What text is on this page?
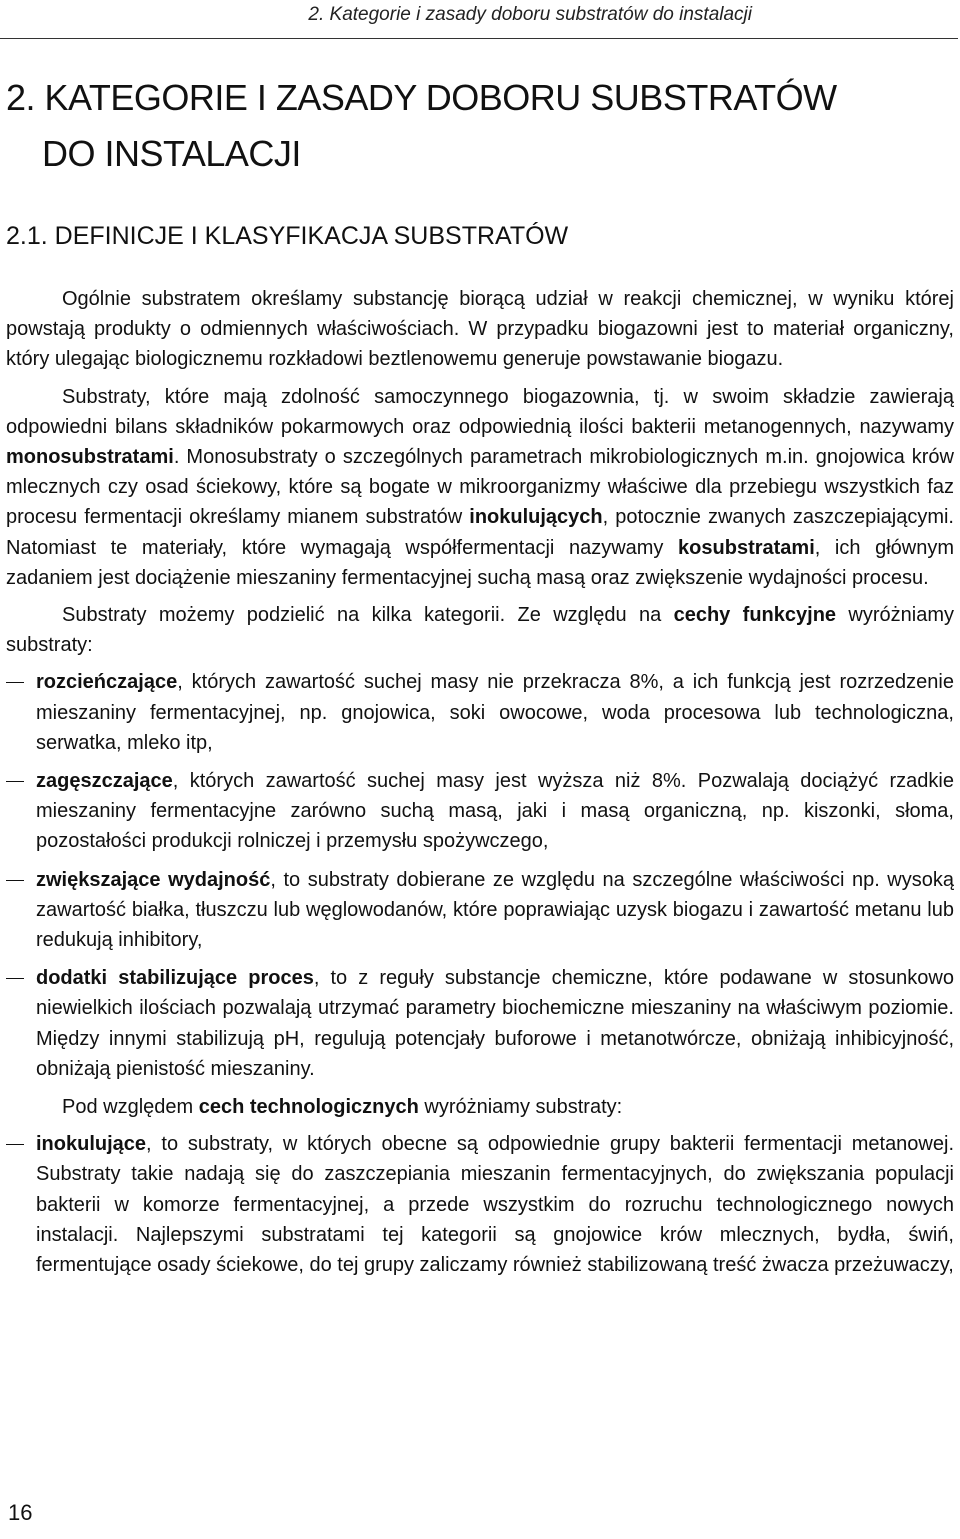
2. Kategorie i zasady doboru substratów do instalacji
2. KATEGORIE I ZASADY DOBORU SUBSTRATÓW
DO INSTALACJI
2.1. DEFINICJE I KLASYFIKACJA SUBSTRATÓW

Ogólnie substratem określamy substancję biorącą udział w reakcji chemicznej, w wyniku której powstają produkty o odmiennych właściwościach. W przypadku biogazowni jest to materiał organiczny, który ulegając biologicznemu rozkładowi beztlenowemu generuje powstawanie biogazu.

Substraty, które mają zdolność samoczynnego biogazownia, tj. w swoim składzie zawierają odpowiedni bilans składników pokarmowych oraz odpowiednią ilości bakterii metanogennych, nazywamy monosubstratami. Monosubstraty o szczególnych parametrach mikrobiologicznych m.in. gnojowica krów mlecznych czy osad ściekowy, które są bogate w mikroorganizmy właściwe dla przebiegu wszystkich faz procesu fermentacji określamy mianem substratów inokulujących, potocznie zwanych zaszczepiającymi. Natomiast te materiały, które wymagają współfermentacji nazywamy kosubstratami, ich głównym zadaniem jest dociążenie mieszaniny fermentacyjnej suchą masą oraz zwiększenie wydajności procesu.

Substraty możemy podzielić na kilka kategorii. Ze względu na cechy funkcyjne wyróżniamy substraty:

rozcieńczające, których zawartość suchej masy nie przekracza 8%, a ich funkcją jest rozrzedzenie mieszaniny fermentacyjnej, np. gnojowica, soki owocowe, woda procesowa lub technologiczna, serwatka, mleko itp,
zagęszczające, których zawartość suchej masy jest wyższa niż 8%. Pozwalają dociążyć rzadkie mieszaniny fermentacyjne zarówno suchą masą, jaki i masą organiczną, np. kiszonki, słoma, pozostałości produkcji rolniczej i przemysłu spożywczego,
zwiększające wydajność, to substraty dobierane ze względu na szczególne właściwości np. wysoką zawartość białka, tłuszczu lub węglowodanów, które poprawiając uzysk biogazu i zawartość metanu lub redukują inhibitory,
dodatki stabilizujące proces, to z reguły substancje chemiczne, które podawane w stosunkowo niewielkich ilościach pozwalają utrzymać parametry biochemiczne mieszaniny na właściwym poziomie. Między innymi stabilizują pH, regulują potencjały buforowe i metanotwórcze, obniżają inhibicyjność, obniżają pienistość mieszaniny.

Pod względem cech technologicznych wyróżniamy substraty:

inokulujące, to substraty, w których obecne są odpowiednie grupy bakterii fermentacji metanowej. Substraty takie nadają się do zaszczepiania mieszanin fermentacyjnych, do zwiększania populacji bakterii w komorze fermentacyjnej, a przede wszystkim do rozruchu technologicznego nowych instalacji. Najlepszymi substratami tej kategorii są gnojowice krów mlecznych, bydła, świń, fermentujące osady ściekowe, do tej grupy zaliczamy również stabilizowaną treść żwacza przeżuwaczy,
16
